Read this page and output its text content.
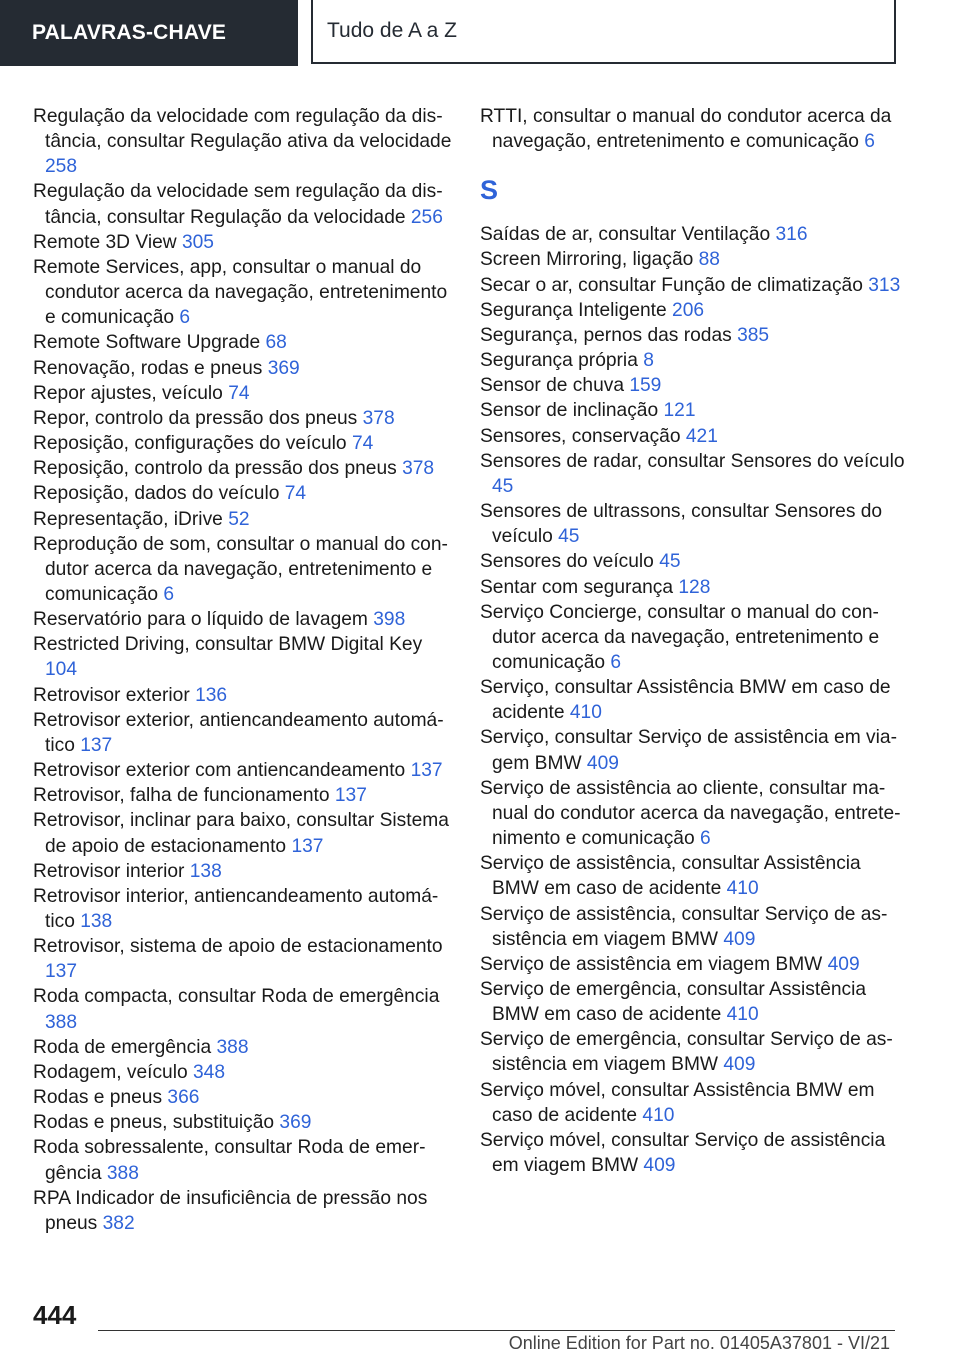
PALAVRAS-CHAVE	Tudo de A a Z

Regulação da velocidade com regulação da distância, consultar Regulação ativa da velocidade 258

Regulação da velocidade sem regulação da distância, consultar Regulação da velocidade 256

Remote 3D View 305

Remote Services, app, consultar o manual do condutor acerca da navegação, entretenimento e comunicação 6

Remote Software Upgrade 68

Renovação, rodas e pneus 369

Repor ajustes, veículo 74

Repor, controlo da pressão dos pneus 378

Reposição, configurações do veículo 74

Reposição, controlo da pressão dos pneus 378

Reposição, dados do veículo 74

Representação, iDrive 52

Reprodução de som, consultar o manual do condutor acerca da navegação, entretenimento e comunicação 6

Reservatório para o líquido de lavagem 398

Restricted Driving, consultar BMW Digital Key 104

Retrovisor exterior 136

Retrovisor exterior, antiencandeamento automático 137

Retrovisor exterior com antiencandeamento 137

Retrovisor, falha de funcionamento 137

Retrovisor, inclinar para baixo, consultar Sistema de apoio de estacionamento 137

Retrovisor interior 138

Retrovisor interior, antiencandeamento automático 138

Retrovisor, sistema de apoio de estacionamento 137

Roda compacta, consultar Roda de emergência 388

Roda de emergência 388

Rodagem, veículo 348

Rodas e pneus 366

Rodas e pneus, substituição 369

Roda sobressalente, consultar Roda de emergência 388

RPA Indicador de insuficiência de pressão nos pneus 382

RTTI, consultar o manual do condutor acerca da navegação, entretenimento e comunicação 6

S

Saídas de ar, consultar Ventilação 316

Screen Mirroring, ligação 88

Secar o ar, consultar Função de climatização 313

Segurança Inteligente 206

Segurança, pernos das rodas 385

Segurança própria 8

Sensor de chuva 159

Sensor de inclinação 121

Sensores, conservação 421

Sensores de radar, consultar Sensores do veículo 45

Sensores de ultrassons, consultar Sensores do veículo 45

Sensores do veículo 45

Sentar com segurança 128

Serviço Concierge, consultar o manual do condutor acerca da navegação, entretenimento e comunicação 6

Serviço, consultar Assistência BMW em caso de acidente 410

Serviço, consultar Serviço de assistência em viagem BMW 409

Serviço de assistência ao cliente, consultar manual do condutor acerca da navegação, entretenimento e comunicação 6

Serviço de assistência, consultar Assistência BMW em caso de acidente 410

Serviço de assistência, consultar Serviço de assistência em viagem BMW 409

Serviço de assistência em viagem BMW 409

Serviço de emergência, consultar Assistência BMW em caso de acidente 410

Serviço de emergência, consultar Serviço de assistência em viagem BMW 409

Serviço móvel, consultar Assistência BMW em caso de acidente 410

Serviço móvel, consultar Serviço de assistência em viagem BMW 409

444
Online Edition for Part no. 01405A37801 - VI/21
